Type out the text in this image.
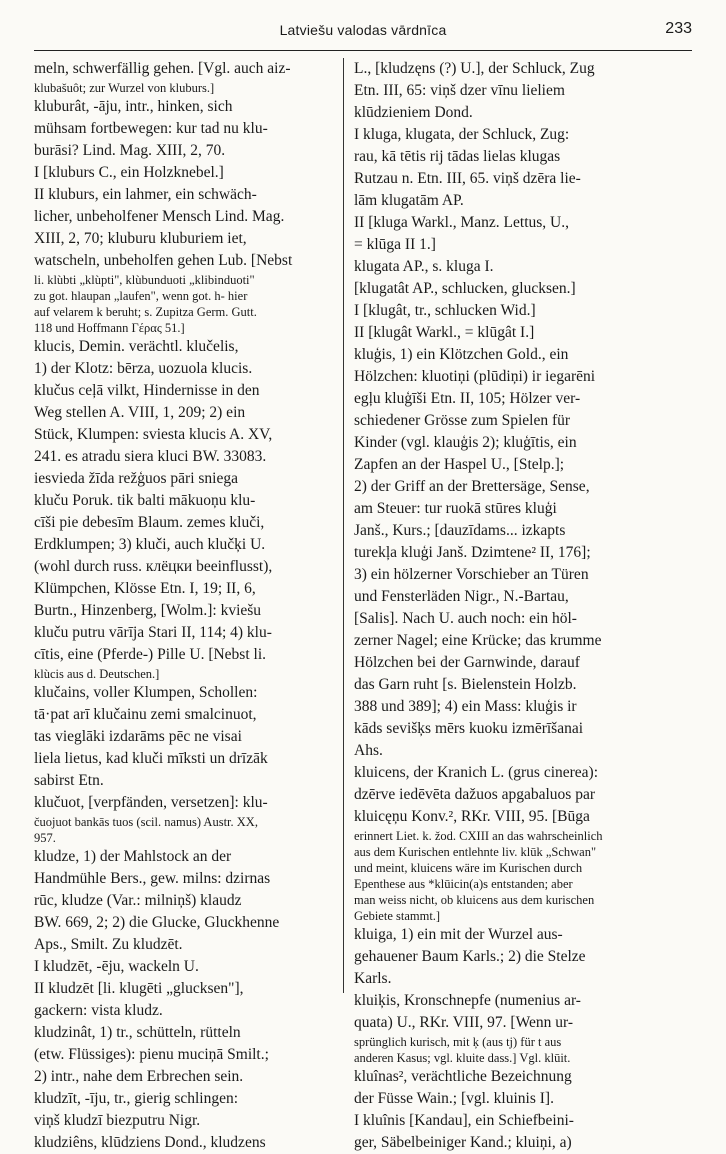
Latviešu valodas vārdnīca	233
meln, schwerfällig gehen. [Vgl. auch aiz-
klubašuôt; zur Wurzel von kluburs.]
kluburât, -āju, intr., hinken, sich
mühsam fortbewegen: kur tad nu klu-
burāsi? Lind. Mag. XIII, 2, 70.
I [kluburs C., ein Holzknebel.]
II kluburs, ein lahmer, ein schwäch-
licher, unbeholfener Mensch Lind. Mag.
XIII, 2, 70; kluburu kluburiem iet,
watscheln, unbeholfen gehen Lub. [Nebst
li. klùbti „klùpti", klùbunduoti „klibinduoti"
zu got. hlaupan „laufen", wenn got. h- hier
auf velarem k beruht; s. Zupitza Germ. Gutt.
118 und Hoffmann Γέρας 51.]
klucis, Demin. verächtl. klučelis,
1) der Klotz: bērza, uozuola klucis.
klučus ceļā vilkt, Hindernisse in den
Weg stellen A. VIII, 1, 209; 2) ein
Stück, Klumpen: sviesta klucis A. XV,
241. es atradu siera kluci BW. 33083.
iesvieda žīda režģuos pāri sniega
kluču Poruk. tik balti mākuoņu klu-
cīši pie debesīm Blaum. zemes kluči,
Erdklumpen; 3) kluči, auch klučķi U.
(wohl durch russ. клёцки beeinflusst),
Klümpchen, Klösse Etn. I, 19; II, 6,
Burtn., Hinzenberg, [Wolm.]: kviešu
kluču putru vārīja Stari II, 114; 4) klu-
cītis, eine (Pferde-) Pille U. [Nebst li.
klùcis aus d. Deutschen.]
klučains, voller Klumpen, Schollen:
tā·pat arī klučainu zemi smalcinuot,
tas vieglāki izdarāms pēc ne visai
liela lietus, kad kluči mīksti un drīzāk
sabirst Etn.
klučuot, [verpfänden, versetzen]: klu-
čuojuot bankās tuos (scil. namus) Austr. XX,
957.
kludze, 1) der Mahlstock an der
Handmühle Bers., gew. milns: dzirnas
rūc, kludze (Var.: milniņš) klaudz
BW. 669, 2; 2) die Glucke, Gluckhenne
Aps., Smilt. Zu kludzēt.
I kludzēt, -ēju, wackeln U.
II kludzēt [li. klugēti „glucksen"],
gackern: vista kludz.
kludzinât, 1) tr., schütteln, rütteln
(etw. Flüssiges): pienu muciņā Smilt.;
2) intr., nahe dem Erbrechen sein.
kludzīt, -īju, tr., gierig schlingen:
viņš kludzī biezputru Nigr.
kludziêns, klūdziens Dond., kludzens
L., [kludzęns (?) U.], der Schluck, Zug
Etn. III, 65: viņš dzer vīnu lieliem
klūdzieniem Dond.
I kluga, klugata, der Schluck, Zug:
rau, kā tētis rij tādas lielas klugas
Rutzau n. Etn. III, 65. viņš dzēra lie-
lām klugatām AP.
II [kluga Warkl., Manz. Lettus, U.,
= klūga II 1.]
klugata AP., s. kluga I.
[klugatât AP., schlucken, glucksen.]
I [klugât, tr., schlucken Wid.]
II [klugât Warkl., = klūgât I.]
kluģis, 1) ein Klötzchen Gold., ein
Hölzchen: kluotiņi (plūdiņi) ir iegarēni
egļu kluģīši Etn. II, 105; Hölzer ver-
schiedener Grösse zum Spielen für
Kinder (vgl. klauģis 2); kluģītis, ein
Zapfen an der Haspel U., [Stelp.];
2) der Griff an der Brettersäge, Sense,
am Steuer: tur ruokā stūres kluģi
Janš., Kurs.; [dauzīdams... izkapts
turekļa kluģi Janš. Dzimtene² II, 176];
3) ein hölzerner Vorschieber an Türen
und Fensterläden Nigr., N.-Bartau,
[Salis]. Nach U. auch noch: ein höl-
zerner Nagel; eine Krücke; das krumme
Hölzchen bei der Garnwinde, darauf
das Garn ruht [s. Bielenstein Holzb.
388 und 389]; 4) ein Mass: kluģis ir
kāds sevišķs mērs kuoku izmērīšanai
Ahs.
kluicens, der Kranich L. (grus cinerea):
dzērve iedēvēta dažuos apgabaluos par
kluicęņu Konv.², RKr. VIII, 95. [Būga
erinnert Liet. k. žod. CXIII an das wahrscheinlich
aus dem Kurischen entlehnte liv. klūk „Schwan"
und meint, kluicens wäre im Kurischen durch
Epenthese aus *klūicin(a)s entstanden; aber
man weiss nicht, ob kluicens aus dem kurischen
Gebiete stammt.]
kluiga, 1) ein mit der Wurzel aus-
gehauener Baum Karls.; 2) die Stelze
Karls.
kluiķis, Kronschnepfe (numenius ar-
quata) U., RKr. VIII, 97. [Wenn ur-
sprünglich kurisch, mit ķ (aus tj) für t aus
anderen Kasus; vgl. kluite dass.] Vgl. klūit.
kluînas², verächtliche Bezeichnung
der Füsse Wain.; [vgl. kluinis I].
I kluînis [Kandau], ein Schiefbeini-
ger, Säbelbeiniger Kand.; kluiņi, a)
